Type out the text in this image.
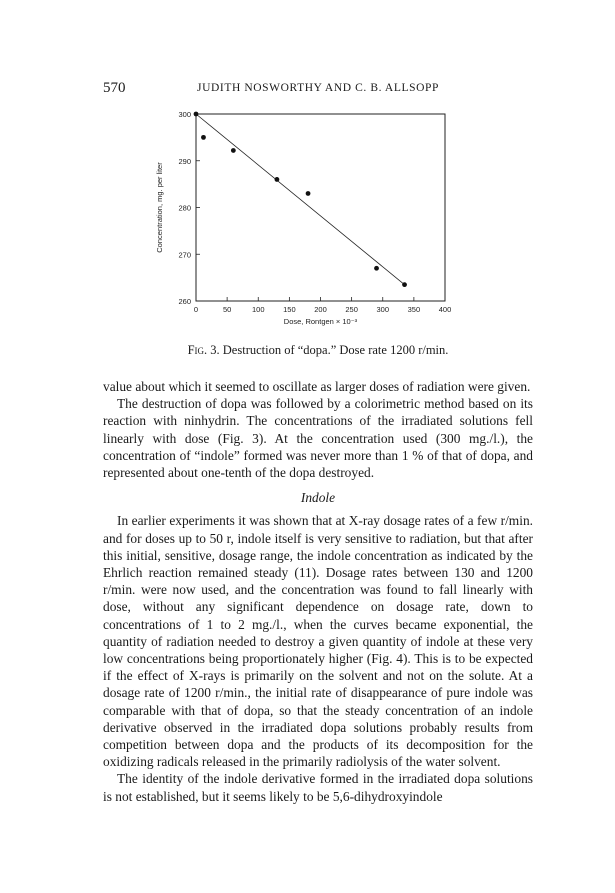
570	JUDITH NOSWORTHY AND C. B. ALLSOPP
0	50	100 150 200 250 300 350 400
260
270
280
290
300
Dose, Rontgen × 10⁻³
Concentration, mg. per liter
Fig. 3. Destruction of “dopa.” Dose rate 1200 r/min.

value about which it seemed to oscillate as larger doses of radiation were given.

The destruction of dopa was followed by a colorimetric method based on its reaction with ninhydrin. The concentrations of the irradiated solutions fell linearly with dose (Fig. 3). At the concentration used (300 mg./l.), the concentration of “indole” formed was never more than 1 % of that of dopa, and represented about one-tenth of the dopa destroyed.

Indole

In earlier experiments it was shown that at X-ray dosage rates of a few r/min. and for doses up to 50 r, indole itself is very sensitive to radiation, but that after this initial, sensitive, dosage range, the indole concentration as indicated by the Ehrlich reaction remained steady (11). Dosage rates between 130 and 1200 r/min. were now used, and the concentration was found to fall linearly with dose, without any significant dependence on dosage rate, down to concentrations of 1 to 2 mg./l., when the curves became exponential, the quantity of radiation needed to destroy a given quantity of indole at these very low concentrations being proportionately higher (Fig. 4). This is to be expected if the effect of X-rays is primarily on the solvent and not on the solute. At a dosage rate of 1200 r/min., the initial rate of disappearance of pure indole was comparable with that of dopa, so that the steady concentration of an indole derivative observed in the irradiated dopa solutions probably results from competition between dopa and the products of its decomposition for the oxidizing radicals released in the primarily radiolysis of the water solvent.

The identity of the indole derivative formed in the irradiated dopa solutions is not established, but it seems likely to be 5,6-dihydroxyindole
